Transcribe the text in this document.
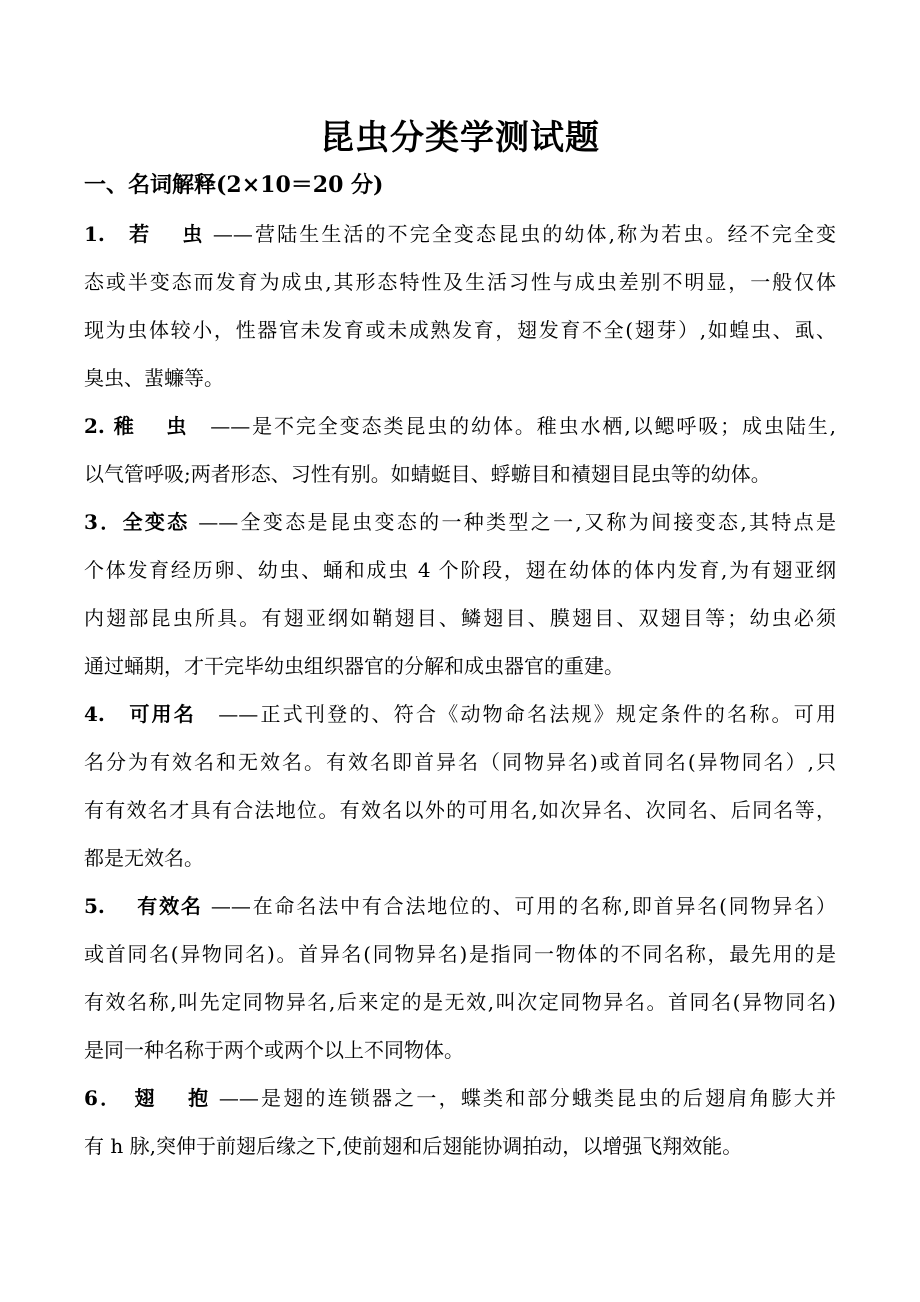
昆虫分类学测试题
一、名词解释(2×10＝20 分)
1.　若　 虫 ——营陆生生活的不完全变态昆虫的幼体,称为若虫。经不完全变
态或半变态而发育为成虫,其形态特性及生活习性与成虫差别不明显，一般仅体
现为虫体较小，性器官未发育或未成熟发育，翅发育不全(翅芽）,如蝗虫、虱、
臭虫、蜚蠊等。
2. 稚　 虫　——是不完全变态类昆虫的幼体。稚虫水栖,以鳃呼吸；成虫陆生,
以气管呼吸;两者形态、习性有别。如蜻蜓目、蜉蝣目和襀翅目昆虫等的幼体。
3．全变态 ——全变态是昆虫变态的一种类型之一,又称为间接变态,其特点是
个体发育经历卵、幼虫、蛹和成虫 4 个阶段，翅在幼体的体内发育,为有翅亚纲
内翅部昆虫所具。有翅亚纲如鞘翅目、鳞翅目、膜翅目、双翅目等；幼虫必须
通过蛹期，才干完毕幼虫组织器官的分解和成虫器官的重建。
4.　可用名　——正式刊登的、符合《动物命名法规》规定条件的名称。可用
名分为有效名和无效名。有效名即首异名（同物异名)或首同名(异物同名）,只
有有效名才具有合法地位。有效名以外的可用名,如次异名、次同名、后同名等，
都是无效名。
5.　 有效名 ——在命名法中有合法地位的、可用的名称,即首异名(同物异名）
或首同名(异物同名)。首异名(同物异名)是指同一物体的不同名称，最先用的是
有效名称,叫先定同物异名,后来定的是无效,叫次定同物异名。首同名(异物同名)
是同一种名称于两个或两个以上不同物体。
6．　翅　 抱 ——是翅的连锁器之一，蝶类和部分蛾类昆虫的后翅肩角膨大并
有 h 脉,突伸于前翅后缘之下,使前翅和后翅能协调拍动，以增强飞翔效能。
